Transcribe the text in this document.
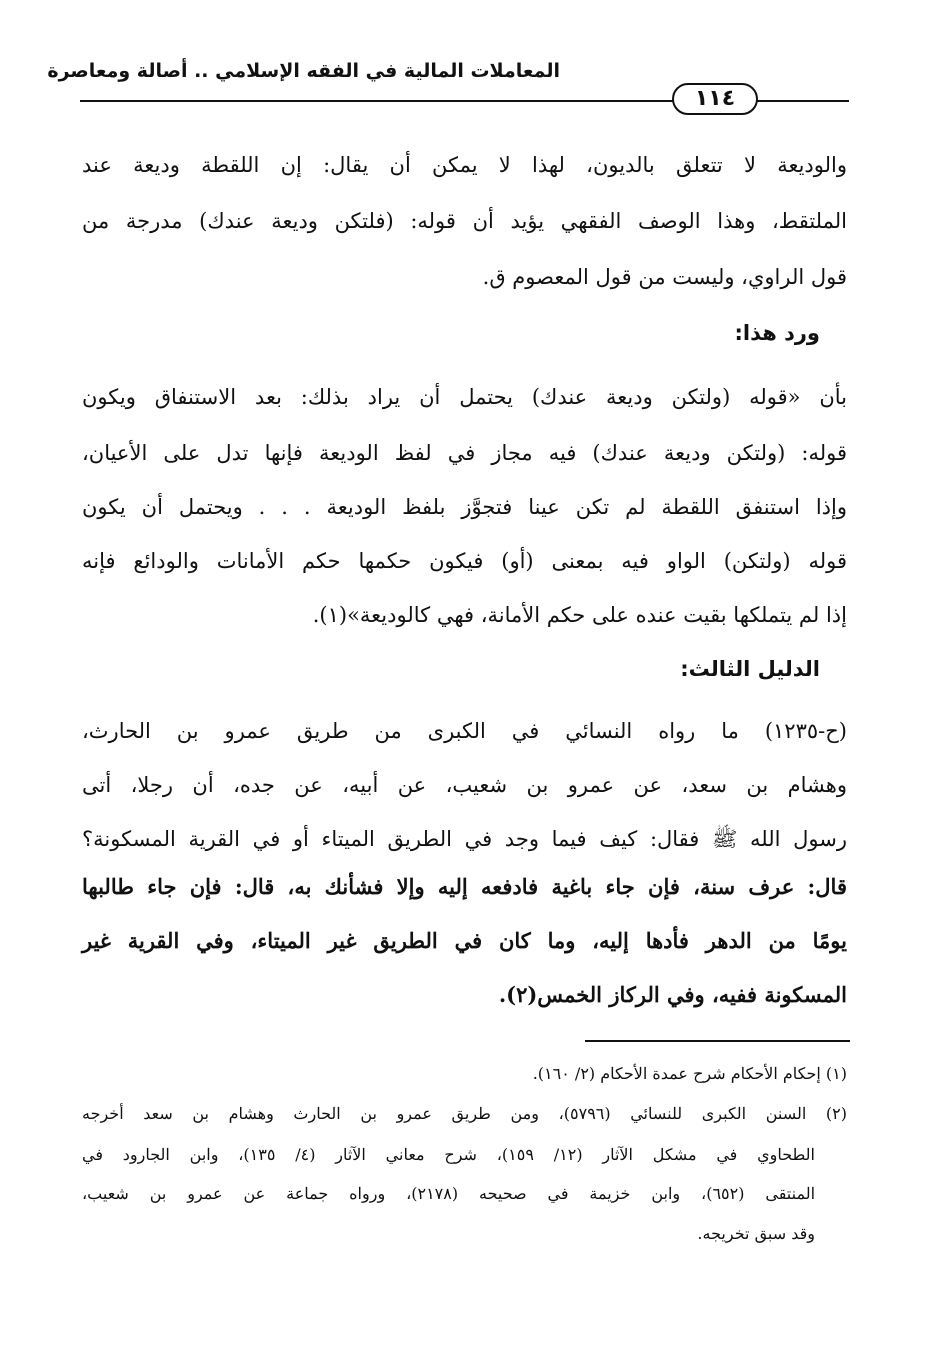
المعاملات المالية في الفقه الإسلامي .. أصالة ومعاصرة
١١٤
والوديعة لا تتعلق بالديون، لهذا لا يمكن أن يقال: إن اللقطة وديعة عند
الملتقط، وهذا الوصف الفقهي يؤيد أن قوله: (فلتكن وديعة عندك) مدرجة من
قول الراوي، وليست من قول المعصوم ق.
ورد هذا:
بأن «قوله (ولتكن وديعة عندك) يحتمل أن يراد بذلك: بعد الاستنفاق ويكون
قوله: (ولتكن وديعة عندك) فيه مجاز في لفظ الوديعة فإنها تدل على الأعيان،
وإذا استنفق اللقطة لم تكن عينا فتجوَّز بلفظ الوديعة . . . ويحتمل أن يكون
قوله (ولتكن) الواو فيه بمعنى (أو) فيكون حكمها حكم الأمانات والودائع فإنه
إذا لم يتملكها بقيت عنده على حكم الأمانة، فهي كالوديعة»(١).
الدليل الثالث:
(ح-١٢٣٥) ما رواه النسائي في الكبرى من طريق عمرو بن الحارث،
وهشام بن سعد، عن عمرو بن شعيب، عن أبيه، عن جده، أن رجلا، أتى
رسول الله ﷺ فقال: كيف فيما وجد في الطريق الميتاء أو في القرية المسكونة؟
قال: عرف سنة، فإن جاء باغية فادفعه إليه وإلا فشأنك به، قال: فإن جاء طالبها
يومًا من الدهر فأدها إليه، وما كان في الطريق غير الميتاء، وفي القرية غير
المسكونة ففيه، وفي الركاز الخمس(٢).
(١) إحكام الأحكام شرح عمدة الأحكام (٢/ ١٦٠).
(٢) السنن الكبرى للنسائي (٥٧٩٦)، ومن طريق عمرو بن الحارث وهشام بن سعد أخرجه
الطحاوي في مشكل الآثار (١٢/ ١٥٩)، شرح معاني الآثار (٤/ ١٣٥)، وابن الجارود في
المنتقى (٦٥٢)، وابن خزيمة في صحيحه (٢١٧٨)، ورواه جماعة عن عمرو بن شعيب،
وقد سبق تخريجه.
